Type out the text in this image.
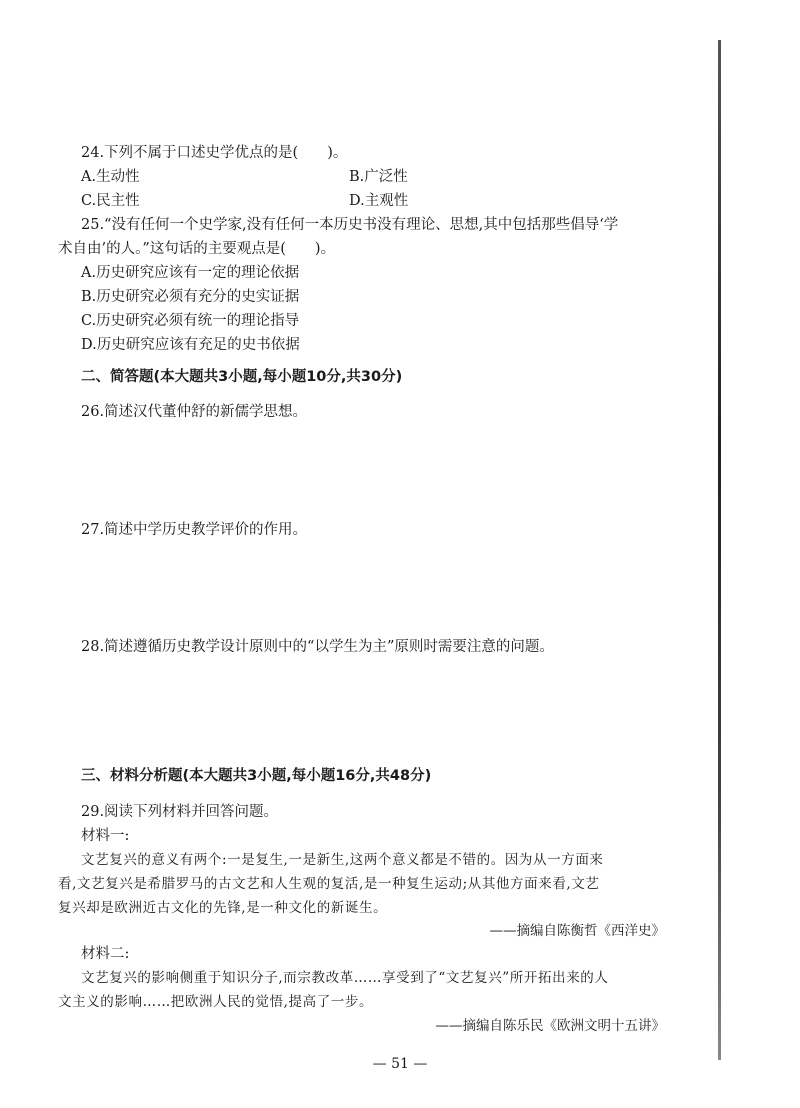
24.下列不属于口述史学优点的是(　　)。
A.生动性	B.广泛性
C.民主性	D.主观性
25.“没有任何一个史学家,没有任何一本历史书没有理论、思想,其中包括那些倡导‘学
术自由’的人。”这句话的主要观点是(　　)。
A.历史研究应该有一定的理论依据
B.历史研究必须有充分的史实证据
C.历史研究必须有统一的理论指导
D.历史研究应该有充足的史书依据
二、简答题(本大题共3小题,每小题10分,共30分)
26.简述汉代董仲舒的新儒学思想。
27.简述中学历史教学评价的作用。
28.简述遵循历史教学设计原则中的“以学生为主”原则时需要注意的问题。
三、材料分析题(本大题共3小题,每小题16分,共48分)
29.阅读下列材料并回答问题。
材料一:
文艺复兴的意义有两个:一是复生,一是新生,这两个意义都是不错的。因为从一方面来
看,文艺复兴是希腊罗马的古文艺和人生观的复活,是一种复生运动;从其他方面来看,文艺
复兴却是欧洲近古文化的先锋,是一种文化的新诞生。
——摘编自陈衡哲《西洋史》
材料二:
文艺复兴的影响侧重于知识分子,而宗教改革……享受到了“文艺复兴”所开拓出来的人
文主义的影响……把欧洲人民的觉悟,提高了一步。
——摘编自陈乐民《欧洲文明十五讲》
— 51 —
